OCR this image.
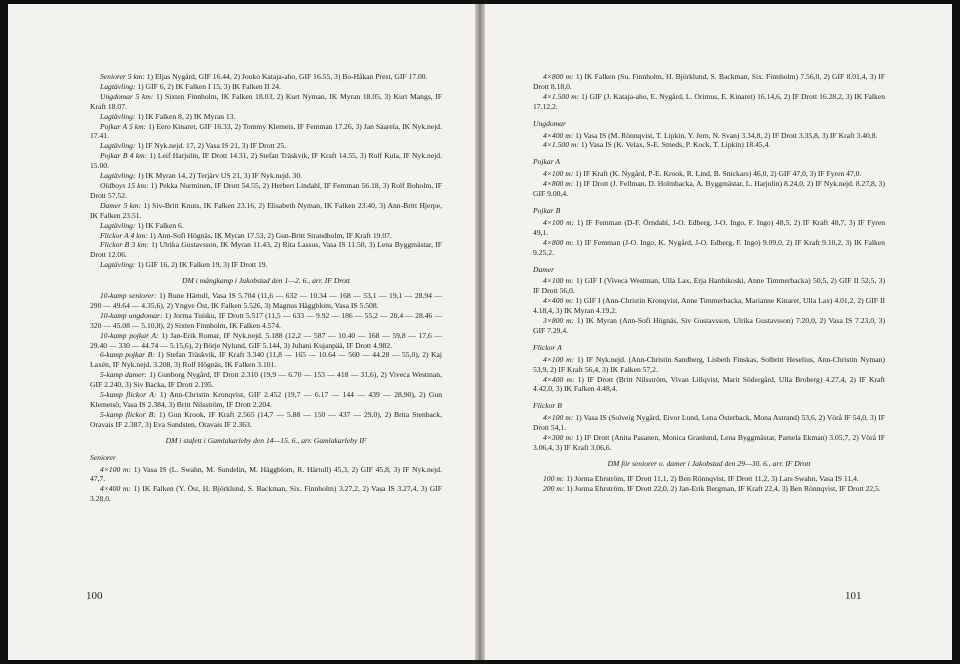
Seniorer 5 km: 1) Eljas Nygård, GIF 16.44, 2) Jouko Kataja-aho, GIF 16.55, 3) Bo-Håkan Prest, GIF 17.00.

Lagtävling: 1) GIF 6, 2) IK Falken I 15, 3) IK Falken II 24.

Ungdomar 5 km: 1) Sixten Finnholm, IK Falken 18.03, 2) Kurt Nyman, IK Myran 18.05, 3) Kurt Mangs, IF Kraft 18.07.

Lagtävling: 1) IK Falken 8, 2) IK Myran 13.

Pojkar A 5 km: 1) Eero Kinaret, GIF 16.33, 2) Tommy Klemets, IF Femman 17.26, 3) Jan Saarela, IK Nyk.nejd. 17.41.

Lagtävling: 1) IF Nyk.nejd. 17, 2) Vasa IS 21, 3) IF Drott 25.

Pojkar B 4 km: 1) Leif Harjulin, IF Drott 14.31, 2) Stefan Träskvik, IF Kraft 14.55, 3) Rolf Kula, IF Nyk.nejd. 15.00.

Lagtävling: 1) IK Myran 14, 2) Terjärv US 21, 3) IF Nyk.nejd. 30.

Oldboys 15 km: 1) Pekka Nurminen, IF Drott 54.55, 2) Herbert Lindahl, IF Femman 56.18, 3) Rolf Boholm, IF Drott 57.52.

Damer 5 km: 1) Siv-Britt Knuts, IK Falken 23.16, 2) Elisabeth Nyman, IK Falken 23.40, 3) Ann-Britt Hjerpe, IK Falken 23.51.

Lagtävling: 1) IK Falken 6.

Flickor A 4 km: 1) Ann-Sofi Högnäs, IK Myran 17.53, 2) Gun-Britt Strandholm, IF Kraft 19.07.

Flickor B 3 km: 1) Ulrika Gustavsson, IK Myran 11.43, 2) Rita Lassus, Vasa IS 11.50, 3) Lena Byggmästar, IF Drott 12.06.

Lagtävling: 1) GIF 16, 2) IK Falken 19, 3) IF Drott 19.

DM i mångkamp i Jakobstad den 1—2. 6., arr. IF Drott

10-kamp seniorer: 1) Rune Härtull, Vasa IS 5.704 (11,6 — 632 — 10.34 — 168 — 53,1 — 19,1 — 28.94 — 290 — 49.64 — 4.35,6), 2) Yngve Öst, IK Falken 5.526, 3) Magnus Häggblom, Vasa IS 5.508.

10-kamp ungdomar: 1) Jorma Tuisku, IF Drott 5.517 (11,5 — 633 — 9.92 — 186 — 55,2 — 20,4 — 28.46 — 320 — 45.08 — 5.10,8), 2) Sixten Finnholm, IK Falken 4.574.

10-kamp pojkar A: 1) Jan-Erik Romar, IF Nyk.nejd. 5.188 (12,2 — 587 — 10.40 — 168 — 59,8 — 17,6 — 29.40 — 330 — 44.74 — 5.15,6), 2) Börje Nylund, GIF 5.144, 3) Juhani Kujanpää, IF Drott 4.982.

6-kamp pojkar B: 1) Stefan Träskvik, IF Kraft 3.340 (11,8 — 165 — 10.64 — 560 — 44.28 — 55,0), 2) Kaj Laxén, IF Nyk.nejd. 3.208, 3) Rolf Högnäs, IK Falken 3.101.

5-kamp damer: 1) Gunborg Nygård, IF Drott 2.310 (19,9 — 6.70 — 153 — 418 — 31,6), 2) Viveca Westman, GIF 2.240, 3) Siv Backa, IF Drott 2.195.

5-kamp flickor A: 1) Ann-Christin Kronqvist, GIF 2.452 (19,7 — 6.17 — 144 — 439 — 28,90), 2) Gun Klemetsö, Vasa IS 2.384, 3) Britt Nilsström, IF Drott 2.204.

5-kamp flickor B: 1) Gun Krook, IF Kraft 2.565 (14,7 — 5.88 — 150 — 437 — 29,0), 2) Brita Stenback, Oravais IF 2.387, 3) Eva Sundsten, Oravais IF 2.363.

DM i stafett i Gamlakarleby den 14—15. 6., arr. Gamlakarleby IF

Seniorer

4×100 m: 1) Vasa IS (L. Swahn, M. Sundelin, M. Häggblom, R. Härtull) 45,3, 2) GIF 45,8, 3) IF Nyk.nejd. 47,7.

4×400 m: 1) IK Falken (Y. Öst, H. Björklund, S. Backman, Six. Finnholm) 3.27,2, 2) Vasa IS 3.27,4, 3) GIF 3.28,0.

100

4×800 m: 1) IK Falken (Su. Finnholm, H. Björklund, S. Backman, Six. Finnholm) 7.56,0, 2) GIF 8.01,4, 3) IF Drott 8.18,0.

4×1.500 m: 1) GIF (J. Kataja-aho, E. Nygård, L. Orimus, E. Kinaret) 16.14,6, 2) IF Drott 16.28,2, 3) IK Falken 17.12,2.

Ungdomar

4×400 m: 1) Vasa IS (M. Rönnqvist, T. Lipkin, Y. Jern, N. Svan) 3.34,8, 2) IF Drott 3.35,8, 3) IF Kraft 3.40,8.

4×1.500 m: 1) Vasa IS (K. Velax, S-E. Smeds, P. Kock, T. Lipkin) 18.45,4.

Pojkar A

4×100 m: 1) IF Kraft (K. Nygård, P-E. Krook, R. Lind, B. Snickars) 46,0, 2) GIF 47,0, 3) IF Fyren 47,0.

4×800 m: 1) IF Drott (J. Fellman, D. Holmbacka, A. Byggmästar, L. Harjulin) 8.24,0, 2) IF Nyk.nejd. 8.27,8, 3) GIF 9.00,4.

Pojkar B

4×100 m: 1) IF Femman (D-F. Örndahl, J-O. Edberg, J-O. Ingo, F. Ingo) 48,5, 2) IF Kraft 48,7, 3) IF Fyren 49,1.

4×800 m: 1) IF Femman (J-O. Ingo, K. Nygård, J-O. Edberg, F. Ingo) 9.09,0, 2) IF Kraft 9.10,2, 3) IK Falken 9.25,2.

Damer

4×100 m: 1) GIF I (Viveca Westman, Ulla Lax, Erja Hanhikoski, Anne Timmerbacka) 50,5, 2) GIF II 52,5, 3) IF Drott 56,0.

4×400 m: 1) GIF I (Ann-Christin Kronqvist, Anne Timmerbacka, Marianne Kinaret, Ulla Lax) 4.01,2, 2) GIF II 4.18,4, 3) IK Myran 4.19,2.

3×800 m: 1) IK Myran (Ann-Sofi Högnäs, Siv Gustavsson, Ulrika Gustavsson) 7.20,0, 2) Vasa IS 7.23,0, 3) GIF 7.29,4.

Flickor A

4×100 m: 1) IF Nyk.nejd. (Ann-Christin Sandberg, Lisbeth Finskas, Solbritt Heselius, Ann-Christin Nyman) 53,9, 2) IF Kraft 56,4, 3) IK Falken 57,2.

4×400 m: 1) IF Drott (Britt Nilsström, Vivan Lillqvist, Marit Södergård, Ulla Broberg) 4.27,4, 2) IF Kraft 4.42,0, 3) IK Falken 4.48,4.

Flickor B

4×100 m: 1) Vasa IS (Solveig Nygård, Eivor Lund, Lena Österback, Mona Astrand) 53,6, 2) Vörå IF 54,0, 3) IF Drott 54,1.

4×300 m: 1) IF Drott (Anita Pasanen, Monica Granlund, Lena Byggmästar, Pamela Ekman) 3.05,7, 2) Vörå IF 3.06,4, 3) IF Kraft 3.06,6.

DM för seniorer o. damer i Jakobstad den 29—30. 6., arr. IF Drott

100 m: 1) Jorma Ehrström, IF Drott 11,1, 2) Ben Rönnqvist, IF Drott 11,2, 3) Lars Swahn, Vasa IS 11,4.

200 m: 1) Jorma Ehrström, IF Drott 22,0, 2) Jan-Erik Bergman, IF Kraft 22,4, 3) Ben Rönnqvist, IF Drott 22,5.

101
